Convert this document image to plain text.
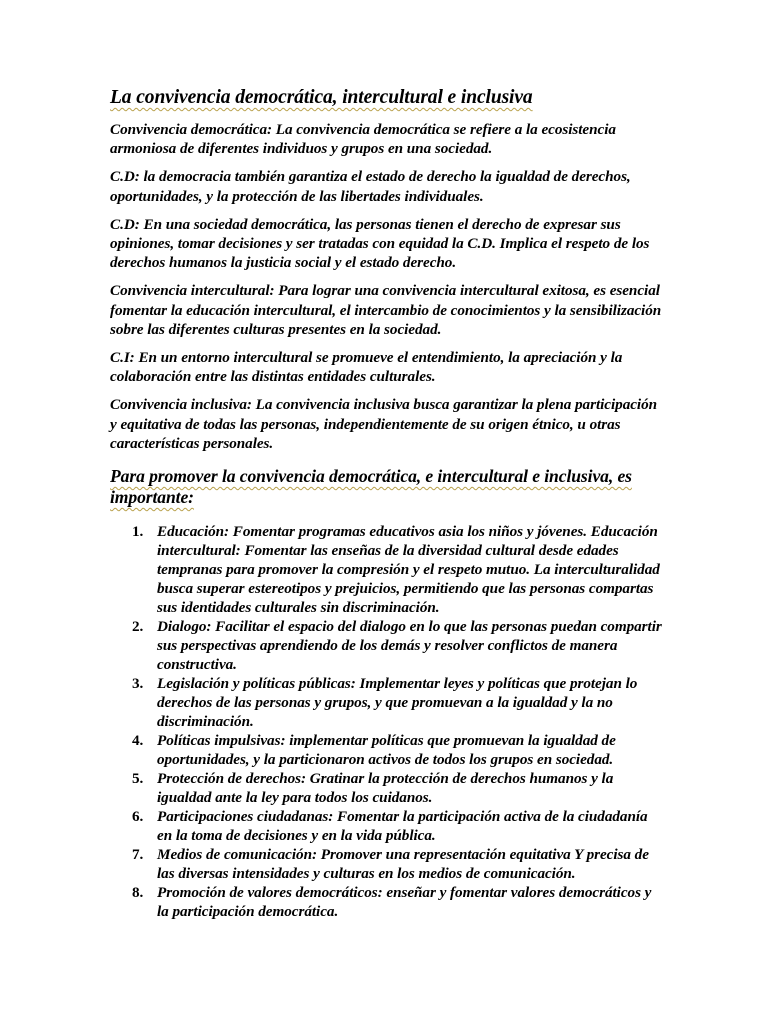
La convivencia democrática, intercultural e inclusiva

Convivencia democrática: La convivencia democrática se refiere a la ecosistencia armoniosa de diferentes individuos y grupos en una sociedad.

C.D: la democracia también garantiza el estado de derecho la igualdad de derechos, oportunidades, y la protección de las libertades individuales.

C.D: En una sociedad democrática, las personas tienen el derecho de expresar sus opiniones, tomar decisiones y ser tratadas con equidad la C.D. Implica el respeto de los derechos humanos la justicia social y el estado derecho.

Convivencia intercultural: Para lograr una convivencia intercultural exitosa, es esencial fomentar la educación intercultural, el intercambio de conocimientos y la sensibilización sobre las diferentes culturas presentes en la sociedad.

C.I: En un entorno intercultural se promueve el entendimiento, la apreciación y la colaboración entre las distintas entidades culturales.

Convivencia inclusiva: La convivencia inclusiva busca garantizar la plena participación y equitativa de todas las personas, independientemente de su origen étnico, u otras características personales.

Para promover la convivencia democrática, e intercultural e inclusiva, es importante:
1. Educación: Fomentar programas educativos asia los niños y jóvenes. Educación intercultural: Fomentar las enseñas de la diversidad cultural desde edades tempranas para promover la compresión y el respeto mutuo. La interculturalidad busca superar estereotipos y prejuicios, permitiendo que las personas compartas sus identidades culturales sin discriminación.
2. Dialogo: Facilitar el espacio del dialogo en lo que las personas puedan compartir sus perspectivas aprendiendo de los demás y resolver conflictos de manera constructiva.
3. Legislación y políticas públicas: Implementar leyes y políticas que protejan lo derechos de las personas y grupos, y que promuevan a la igualdad y la no discriminación.
4. Políticas impulsivas: implementar políticas que promuevan la igualdad de oportunidades, y la particionaron activos de todos los grupos en sociedad.
5. Protección de derechos: Gratinar la protección de derechos humanos y la igualdad ante la ley para todos los cuidanos.
6. Participaciones ciudadanas: Fomentar la participación activa de la ciudadanía en la toma de decisiones y en la vida pública.
7. Medios de comunicación: Promover una representación equitativa Y precisa de las diversas intensidades y culturas en los medios de comunicación.
8. Promoción de valores democráticos: enseñar y fomentar valores democráticos y la participación democrática.
